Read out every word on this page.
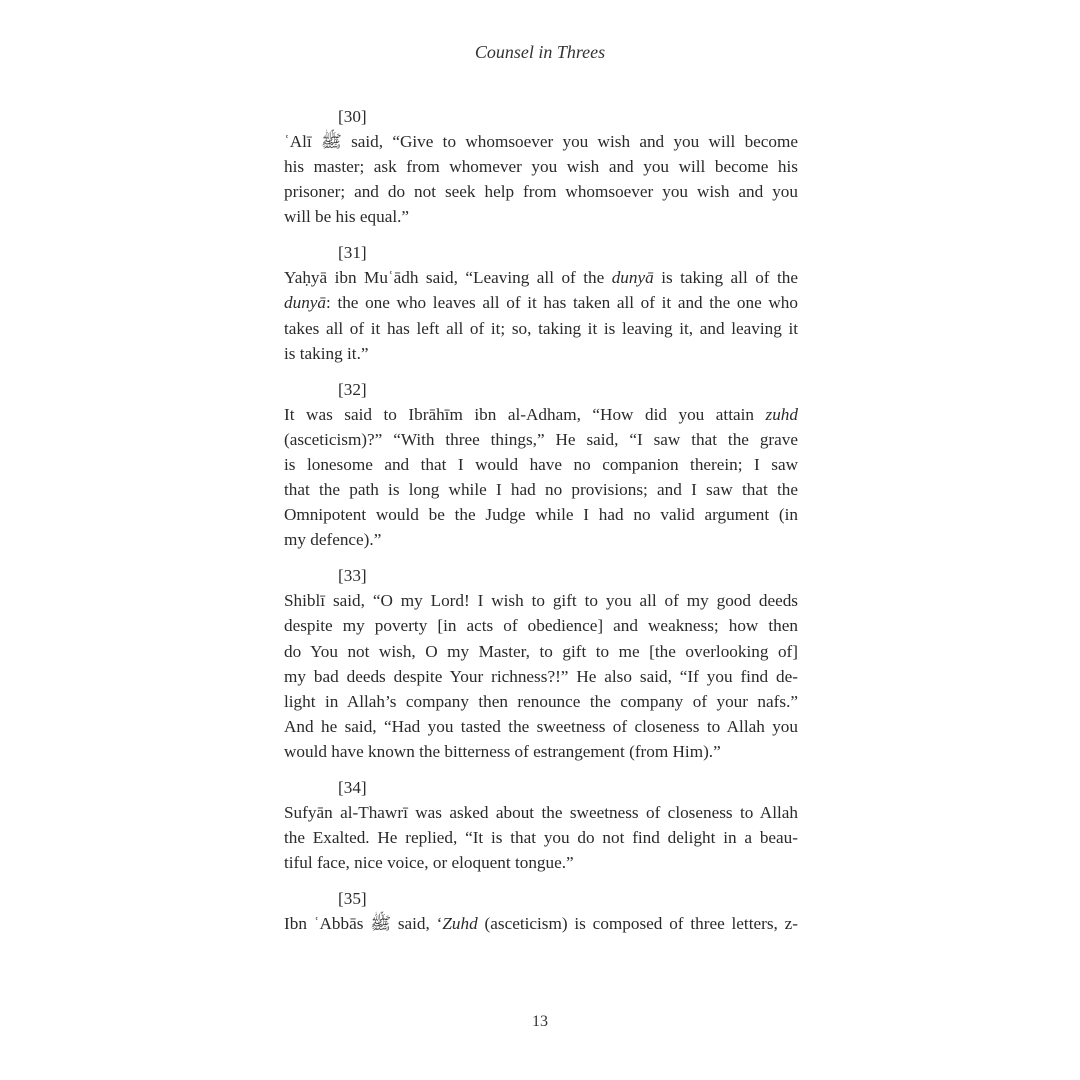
Counsel in Threes
[30]
ʿAlī ﷺ said, “Give to whomsoever you wish and you will become
his master; ask from whomever you wish and you will become his
prisoner; and do not seek help from whomsoever you wish and you
will be his equal.”
[31]
Yaḥyā ibn Muʿādh said, “Leaving all of the dunyā is taking all of the
dunyā: the one who leaves all of it has taken all of it and the one who
takes all of it has left all of it; so, taking it is leaving it, and leaving it
is taking it.”
[32]
It was said to Ibrāhīm ibn al-Adham, “How did you attain zuhd
(asceticism)?” “With three things,” He said, “I saw that the grave
is lonesome and that I would have no companion therein; I saw
that the path is long while I had no provisions; and I saw that the
Omnipotent would be the Judge while I had no valid argument (in
my defence).”
[33]
Shiblī said, “O my Lord! I wish to gift to you all of my good deeds
despite my poverty [in acts of obedience] and weakness; how then
do You not wish, O my Master, to gift to me [the overlooking of]
my bad deeds despite Your richness?!” He also said, “If you find de-
light in Allah’s company then renounce the company of your nafs.”
And he said, “Had you tasted the sweetness of closeness to Allah you
would have known the bitterness of estrangement (from Him).”
[34]
Sufyān al-Thawrī was asked about the sweetness of closeness to Allah
the Exalted. He replied, “It is that you do not find delight in a beau-
tiful face, nice voice, or eloquent tongue.”
[35]
Ibn ʿAbbās ﷺ said, ‘Zuhd (asceticism) is composed of three letters, z-
13
